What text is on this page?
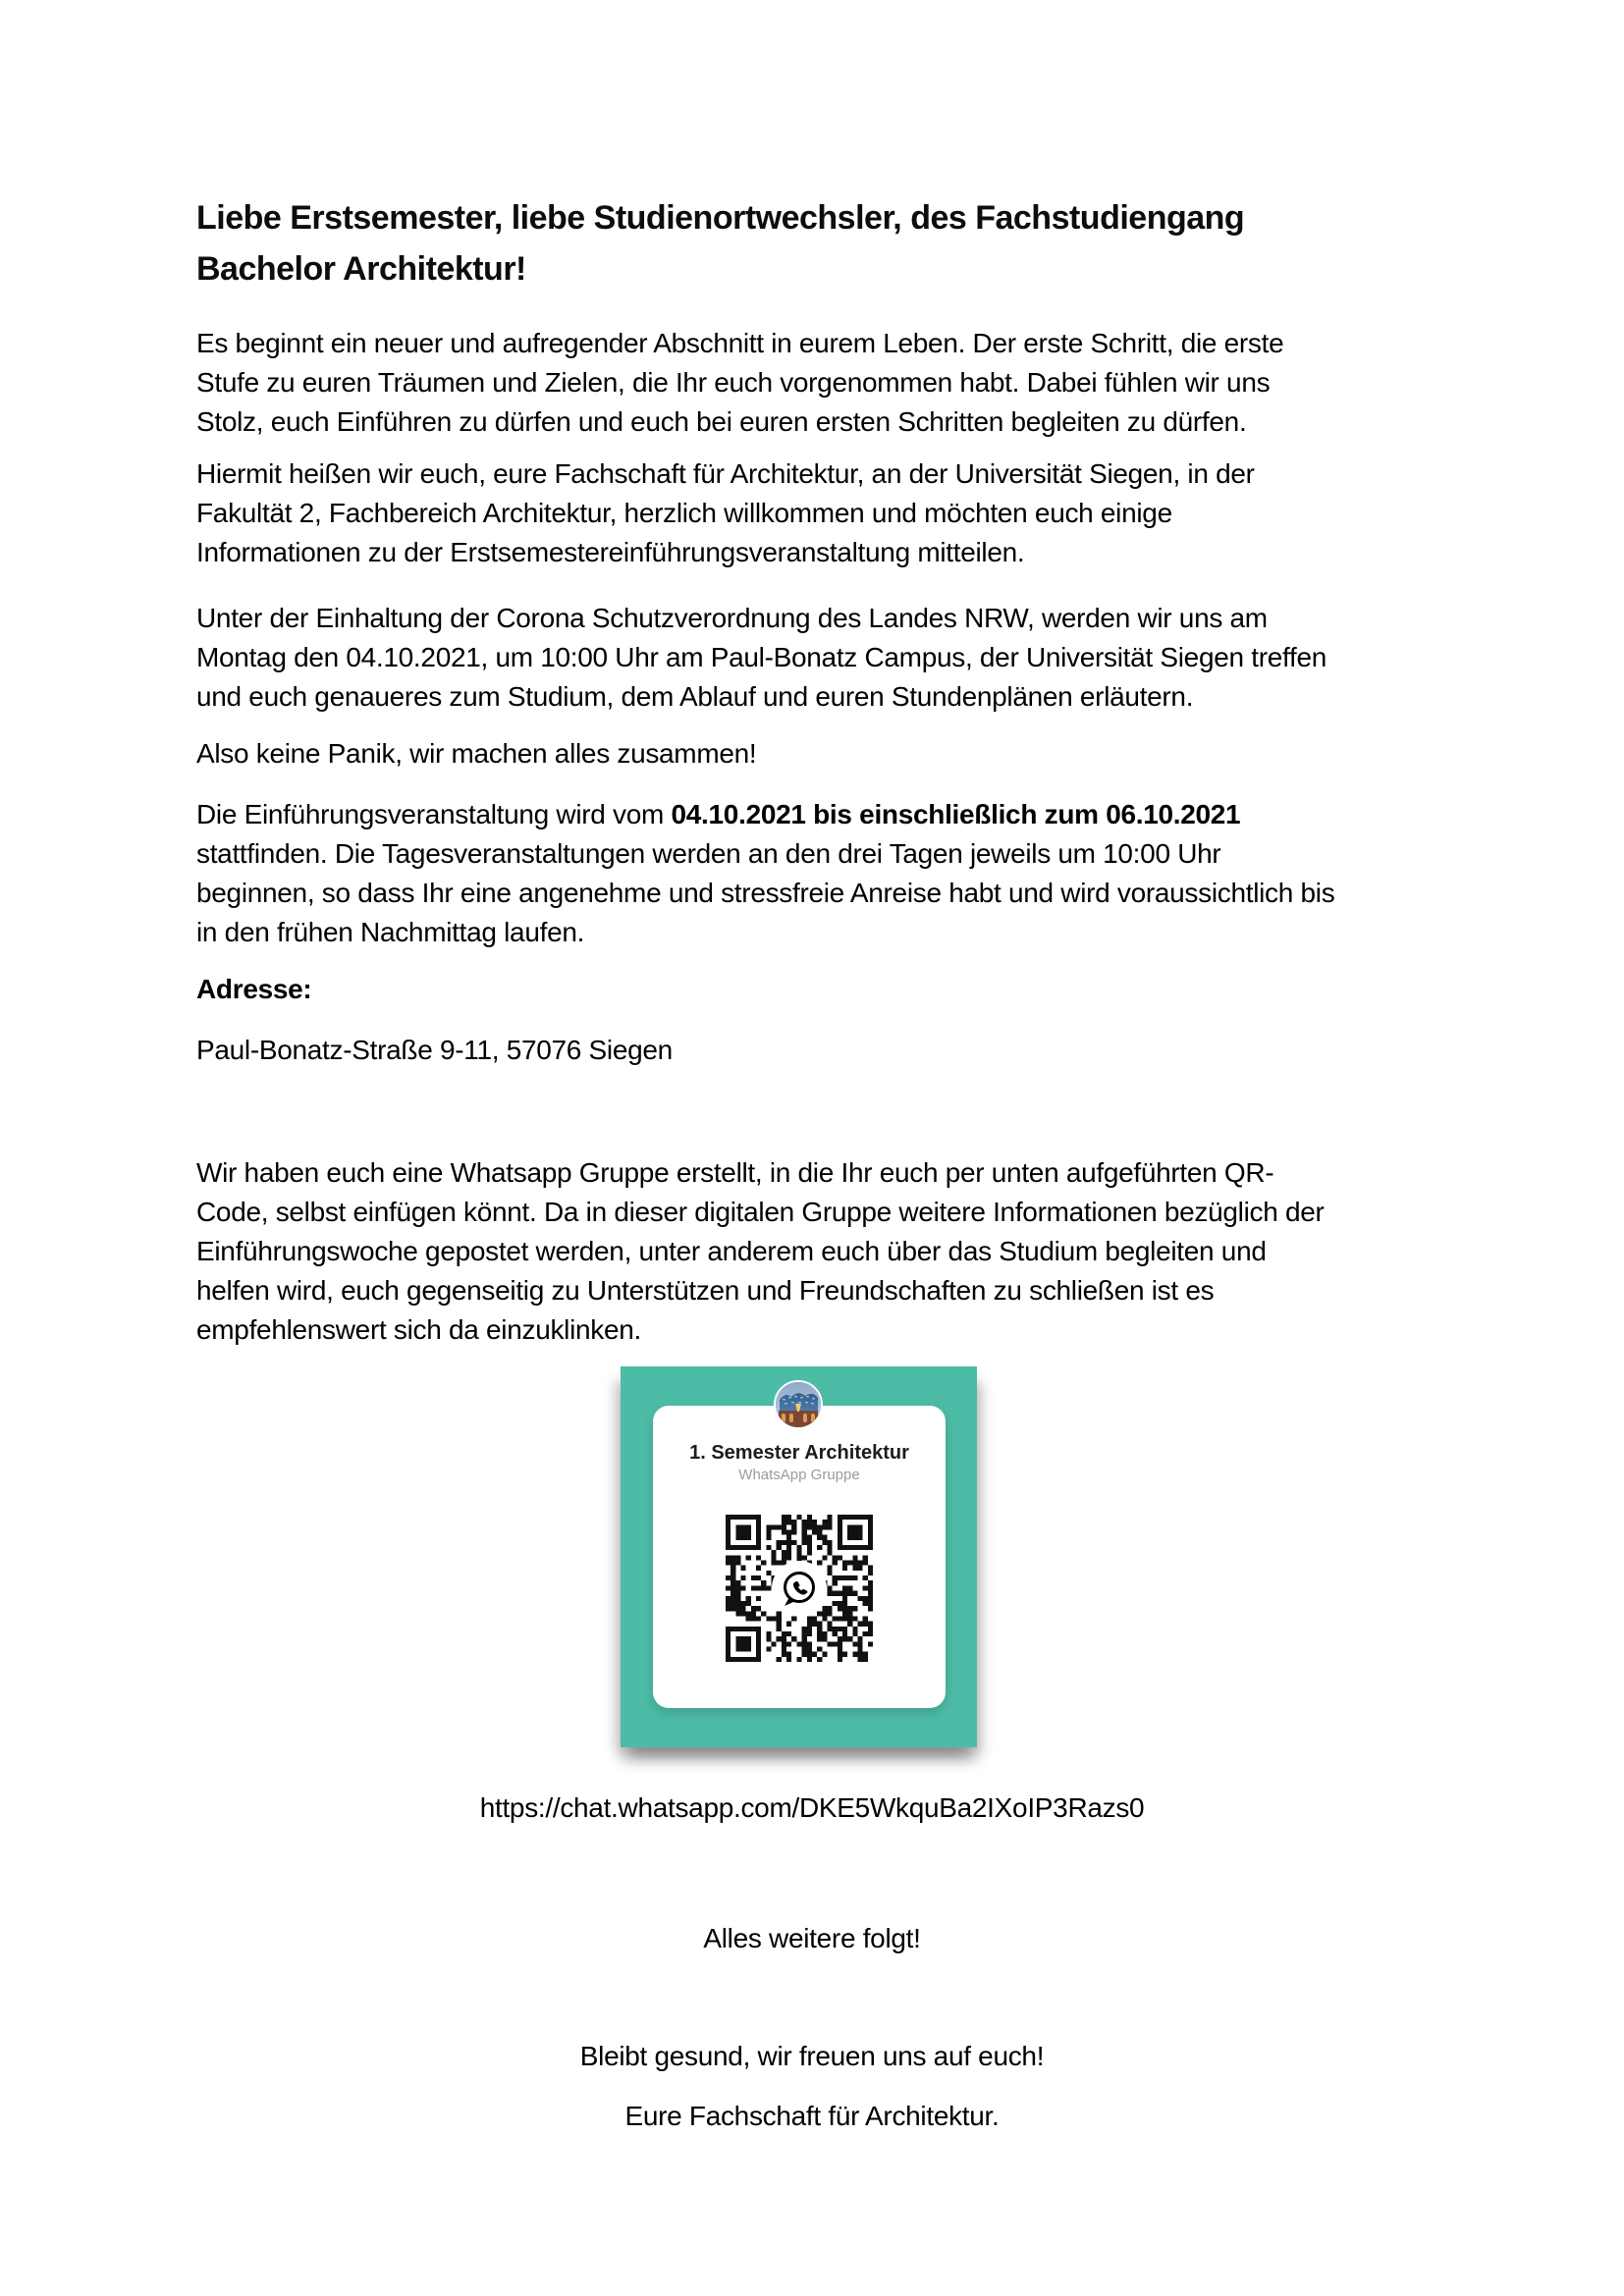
Liebe Erstsemester, liebe Studienortwechsler, des Fachstudiengang
Bachelor Architektur!
Es beginnt ein neuer und aufregender Abschnitt in eurem Leben. Der erste Schritt, die erste
Stufe zu euren Träumen und Zielen, die Ihr euch vorgenommen habt. Dabei fühlen wir uns
Stolz, euch Einführen zu dürfen und euch bei euren ersten Schritten begleiten zu dürfen.
Hiermit heißen wir euch, eure Fachschaft für Architektur, an der Universität Siegen, in der
Fakultät 2, Fachbereich Architektur, herzlich willkommen und möchten euch einige
Informationen zu der Erstsemestereinführungsveranstaltung mitteilen.
Unter der Einhaltung der Corona Schutzverordnung des Landes NRW, werden wir uns am
Montag den 04.10.2021, um 10:00 Uhr am Paul-Bonatz Campus, der Universität Siegen treffen
und euch genaueres zum Studium, dem Ablauf und euren Stundenplänen erläutern.
Also keine Panik, wir machen alles zusammen!
Die Einführungsveranstaltung wird vom 04.10.2021 bis einschließlich zum 06.10.2021
stattfinden. Die Tagesveranstaltungen werden an den drei Tagen jeweils um 10:00 Uhr
beginnen, so dass Ihr eine angenehme und stressfreie Anreise habt und wird voraussichtlich bis
in den frühen Nachmittag laufen.
Adresse:
Paul-Bonatz-Straße 9-11, 57076 Siegen
Wir haben euch eine Whatsapp Gruppe erstellt, in die Ihr euch per unten aufgeführten QR-
Code, selbst einfügen könnt. Da in dieser digitalen Gruppe weitere Informationen bezüglich der
Einführungswoche gepostet werden, unter anderem euch über das Studium begleiten und
helfen wird, euch gegenseitig zu Unterstützen und Freundschaften zu schließen ist es
empfehlenswert sich da einzuklinken.
1. Semester Architektur
WhatsApp Gruppe
https://chat.whatsapp.com/DKE5WkquBa2IXoIP3Razs0
Alles weitere folgt!
Bleibt gesund, wir freuen uns auf euch!
Eure Fachschaft für Architektur.
